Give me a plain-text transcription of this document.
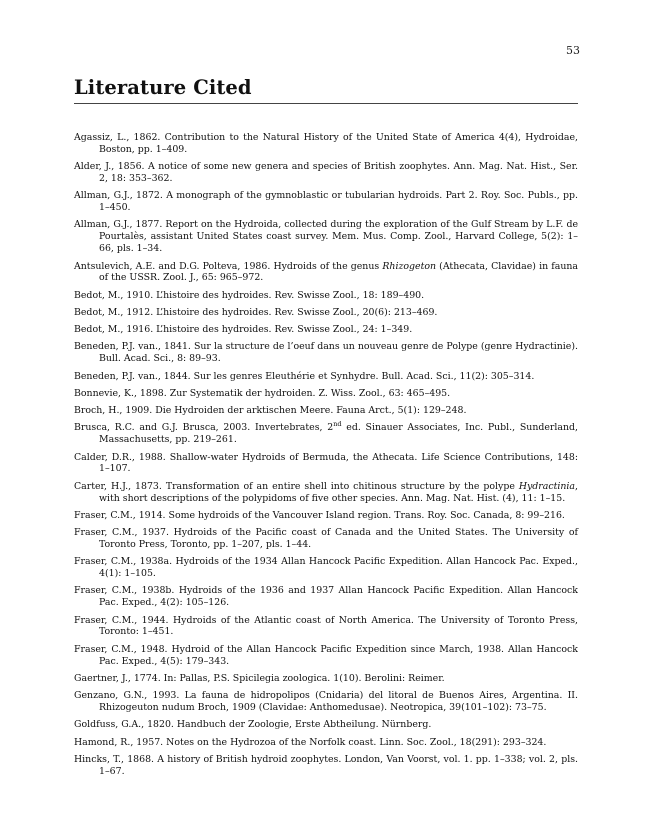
53
Literature Cited

Agassiz, L., 1862. Contribution to the Natural History of the United State of America 4(4), Hydroidae, Boston, pp. 1–409.

Alder, J., 1856. A notice of some new genera and species of British zoophytes. Ann. Mag. Nat. Hist., Ser. 2, 18: 353–362.

Allman, G.J., 1872. A monograph of the gymnoblastic or tubularian hydroids. Part 2. Roy. Soc. Publs., pp. 1–450.

Allman, G.J., 1877. Report on the Hydroida, collected during the exploration of the Gulf Stream by L.F. de Pourtalès, assistant United States coast survey. Mem. Mus. Comp. Zool., Harvard College, 5(2): 1–66, pls. 1–34.

Antsulevich, A.E. and D.G. Polteva, 1986. Hydroids of the genus Rhizogeton (Athecata, Clavidae) in fauna of the USSR. Zool. J., 65: 965–972.

Bedot, M., 1910. L’histoire des hydroides. Rev. Swisse Zool., 18: 189–490.

Bedot, M., 1912. L’histoire des hydroides. Rev. Swisse Zool., 20(6): 213–469.

Bedot, M., 1916. L’histoire des hydroides. Rev. Swisse Zool., 24: 1–349.

Beneden, P.J. van., 1841. Sur la structure de l’oeuf dans un nouveau genre de Polype (genre Hydractinie). Bull. Acad. Sci., 8: 89–93.

Beneden, P.J. van., 1844. Sur les genres Eleuthérie et Synhydre. Bull. Acad. Sci., 11(2): 305–314.

Bonnevie, K., 1898. Zur Systematik der hydroiden. Z. Wiss. Zool., 63: 465–495.

Broch, H., 1909. Die Hydroiden der arktischen Meere. Fauna Arct., 5(1): 129–248.

Brusca, R.C. and G.J. Brusca, 2003. Invertebrates, 2nd ed. Sinauer Associates, Inc. Publ., Sunderland, Massachusetts, pp. 219–261.

Calder, D.R., 1988. Shallow-water Hydroids of Bermuda, the Athecata. Life Science Contributions, 148: 1–107.

Carter, H.J., 1873. Transformation of an entire shell into chitinous structure by the polype Hydractinia, with short descriptions of the polypidoms of five other species. Ann. Mag. Nat. Hist. (4), 11: 1–15.

Fraser, C.M., 1914. Some hydroids of the Vancouver Island region. Trans. Roy. Soc. Canada, 8: 99–216.

Fraser, C.M., 1937. Hydroids of the Pacific coast of Canada and the United States. The University of Toronto Press, Toronto, pp. 1–207, pls. 1–44.

Fraser, C.M., 1938a. Hydroids of the 1934 Allan Hancock Pacific Expedition. Allan Hancock Pac. Exped., 4(1): 1–105.

Fraser, C.M., 1938b. Hydroids of the 1936 and 1937 Allan Hancock Pacific Expedition. Allan Hancock Pac. Exped., 4(2): 105–126.

Fraser, C.M., 1944. Hydroids of the Atlantic coast of North America. The University of Toronto Press, Toronto: 1–451.

Fraser, C.M., 1948. Hydroid of the Allan Hancock Pacific Expedition since March, 1938. Allan Hancock Pac. Exped., 4(5): 179–343.

Gaertner, J., 1774. In: Pallas, P.S. Spicilegia zoologica. 1(10). Berolini: Reimer.

Genzano, G.N., 1993. La fauna de hidropolipos (Cnidaria) del litoral de Buenos Aires, Argentina. II. Rhizogeuton nudum Broch, 1909 (Clavidae: Anthomedusae). Neotropica, 39(101–102): 73–75.

Goldfuss, G.A., 1820. Handbuch der Zoologie, Erste Abtheilung. Nürnberg.

Hamond, R., 1957. Notes on the Hydrozoa of the Norfolk coast. Linn. Soc. Zool., 18(291): 293–324.

Hincks, T., 1868. A history of British hydroid zoophytes. London, Van Voorst, vol. 1. pp. 1–338; vol. 2, pls. 1–67.
